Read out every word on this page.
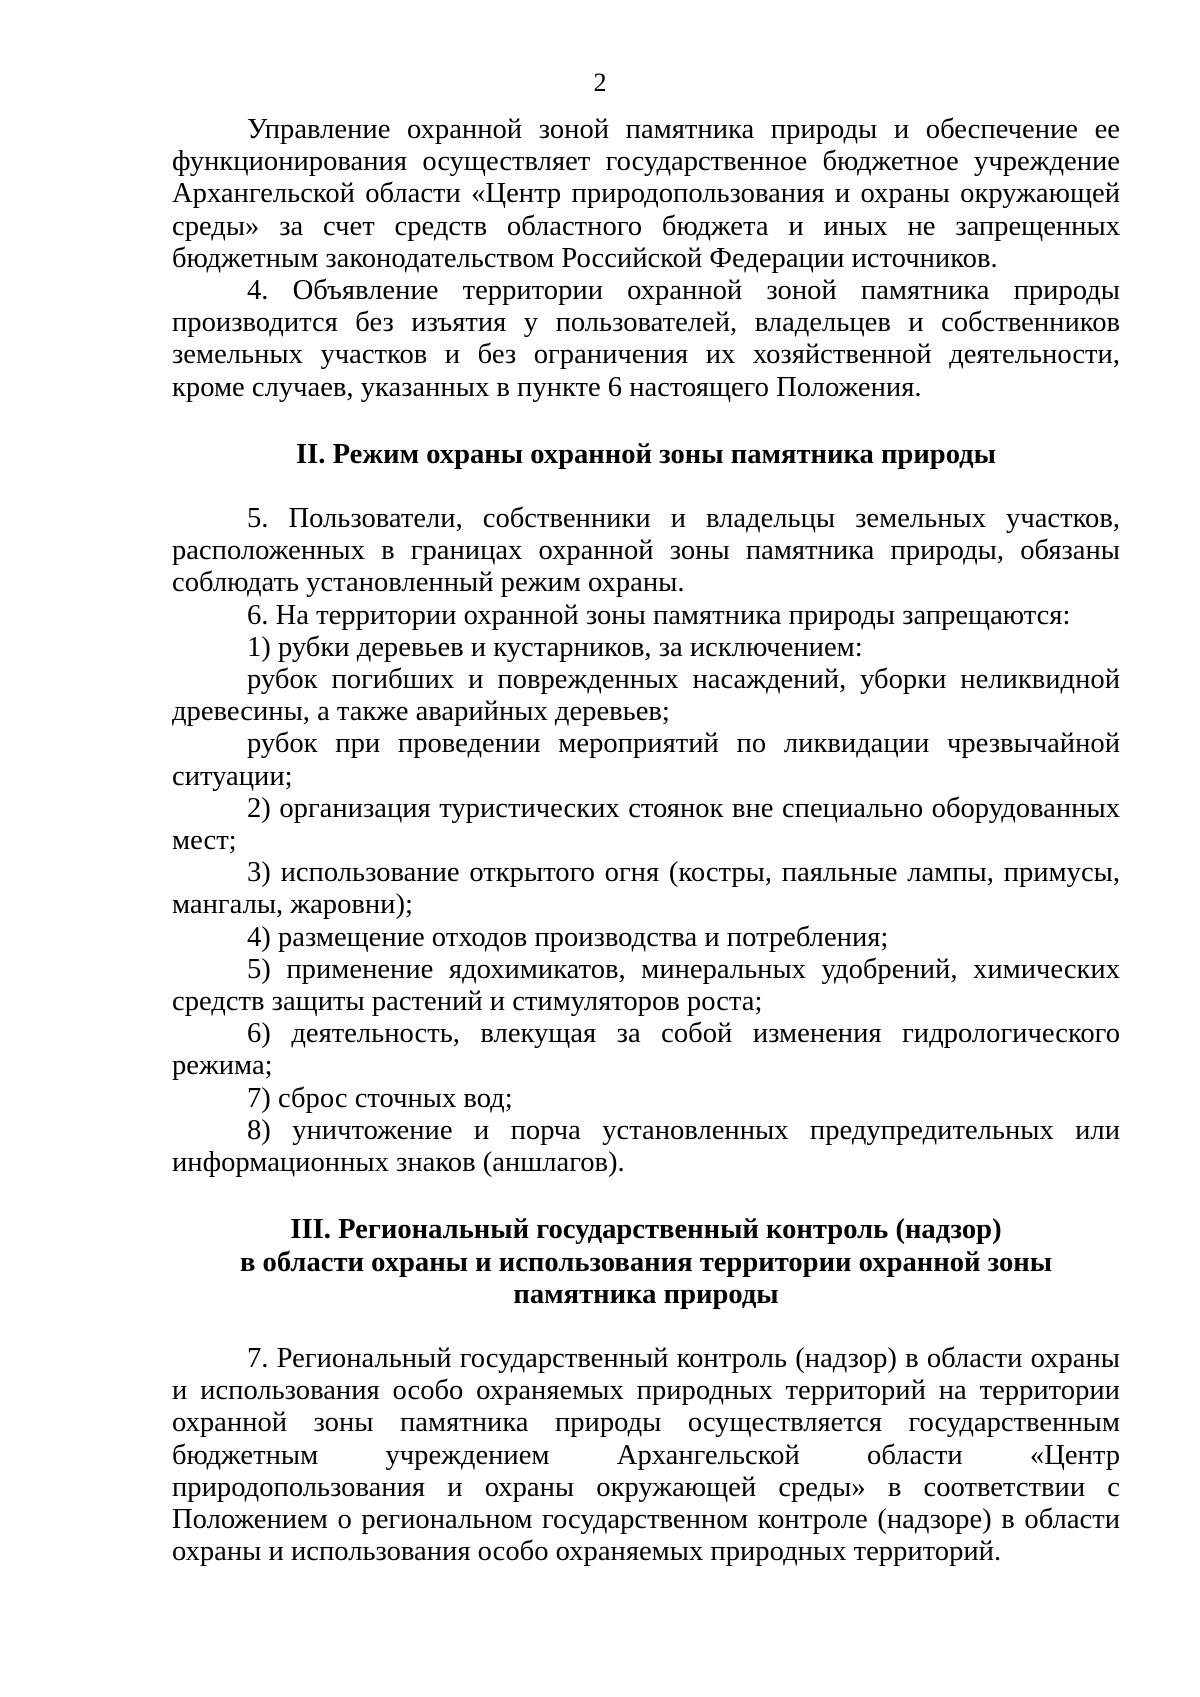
2

Управление охранной зоной памятника природы и обеспечение ее функционирования осуществляет государственное бюджетное учреждение Архангельской области «Центр природопользования и охраны окружающей среды» за счет средств областного бюджета и иных не запрещенных бюджетным законодательством Российской Федерации источников.

4. Объявление территории охранной зоной памятника природы производится без изъятия у пользователей, владельцев и собственников земельных участков и без ограничения их хозяйственной деятельности, кроме случаев, указанных в пункте 6 настоящего Положения.

II. Режим охраны охранной зоны памятника природы

5. Пользователи, собственники и владельцы земельных участков, расположенных в границах охранной зоны памятника природы, обязаны соблюдать установленный режим охраны.

6. На территории охранной зоны памятника природы запрещаются:

1) рубки деревьев и кустарников, за исключением:

рубок погибших и поврежденных насаждений, уборки неликвидной древесины, а также аварийных деревьев;

рубок при проведении мероприятий по ликвидации чрезвычайной ситуации;

2) организация туристических стоянок вне специально оборудованных мест;

3) использование открытого огня (костры, паяльные лампы, примусы, мангалы, жаровни);

4) размещение отходов производства и потребления;

5) применение ядохимикатов, минеральных удобрений, химических средств защиты растений и стимуляторов роста;

6) деятельность, влекущая за собой изменения гидрологического режима;

7) сброс сточных вод;

8) уничтожение и порча установленных предупредительных или информационных знаков (аншлагов).

III. Региональный государственный контроль (надзор)
в области охраны и использования территории охранной зоны
памятника природы

7. Региональный государственный контроль (надзор) в области охраны и использования особо охраняемых природных территорий на территории охранной зоны памятника природы осуществляется государственным бюджетным учреждением Архангельской области «Центр природопользования и охраны окружающей среды» в соответствии с Положением о региональном государственном контроле (надзоре) в области охраны и использования особо охраняемых природных территорий.
